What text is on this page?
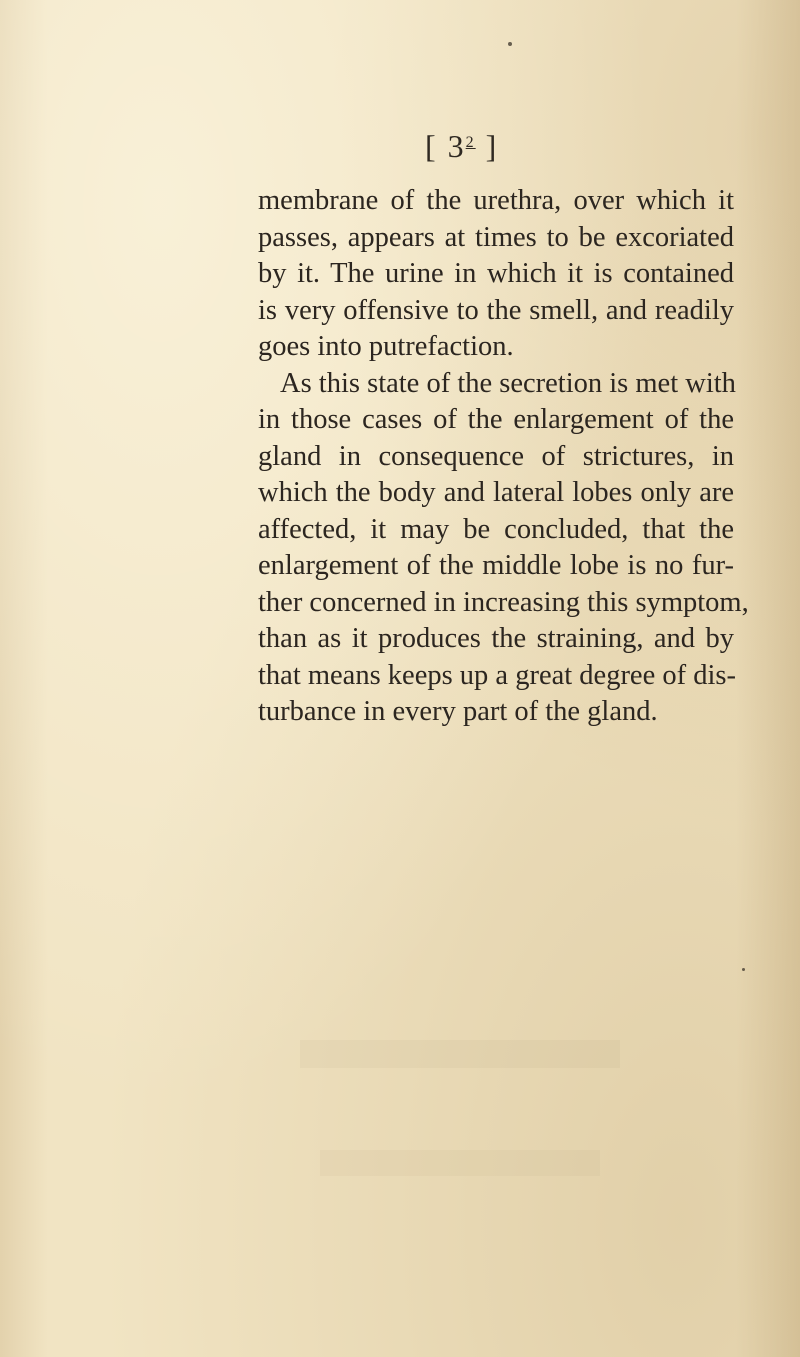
[ $3^2$ ]
membrane of the urethra, over which it
passes, appears at times to be excoriated
by it. The urine in which it is contained
is very offensive to the smell, and readily
goes into putrefaction.
As this state of the secretion is met with
in those cases of the enlargement of the
gland in consequence of strictures, in
which the body and lateral lobes only are
affected, it may be concluded, that the
enlargement of the middle lobe is no fur-
ther concerned in increasing this symptom,
than as it produces the straining, and by
that means keeps up a great degree of dis-
turbance in every part of the gland.
